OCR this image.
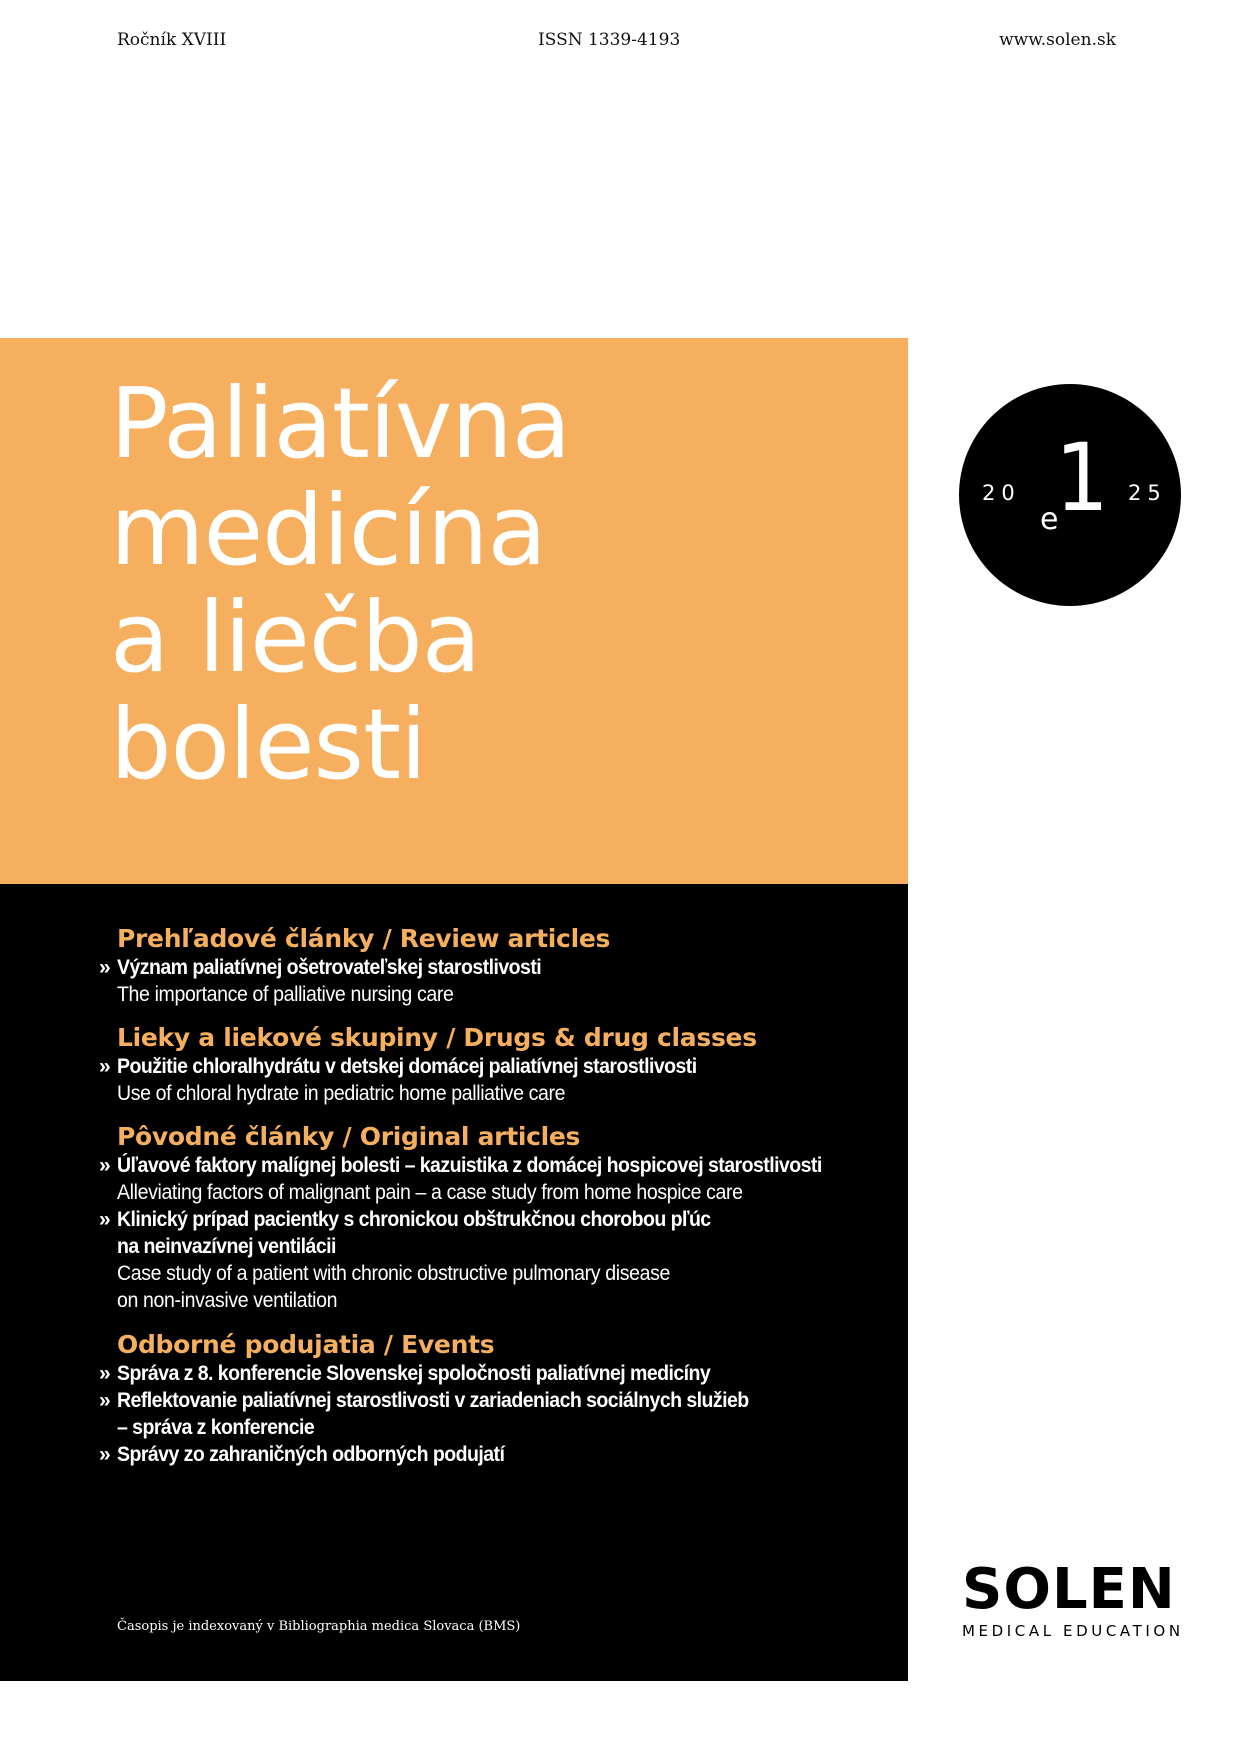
Ročník XVIII	ISSN 1339-4193	www.solen.sk
Paliatívna
medicína
a liečba
bolesti
20
e
1 25
Prehľadové články / Review articles
» Význam paliatívnej ošetrovateľskej starostlivosti
The importance of palliative nursing care
Lieky a liekové skupiny / Drugs & drug classes
» Použitie chloralhydrátu v detskej domácej paliatívnej starostlivosti
Use of chloral hydrate in pediatric home palliative care
Pôvodné články / Original articles
» Úľavové faktory malígnej bolesti – kazuistika z domácej hospicovej starostlivosti
Alleviating factors of malignant pain – a case study from home hospice care
» Klinický prípad pacientky s chronickou obštrukčnou chorobou pľúc
na neinvazívnej ventilácii
Case study of a patient with chronic obstructive pulmonary disease
on non-invasive ventilation
Odborné podujatia / Events
» Správa z 8. konferencie Slovenskej spoločnosti paliatívnej medicíny
» Reflektovanie paliatívnej starostlivosti v zariadeniach sociálnych služieb
– správa z konferencie
» Správy zo zahraničných odborných podujatí
Časopis je indexovaný v Bibliographia medica Slovaca (BMS)
SOLEN
MEDICAL EDUCATION
